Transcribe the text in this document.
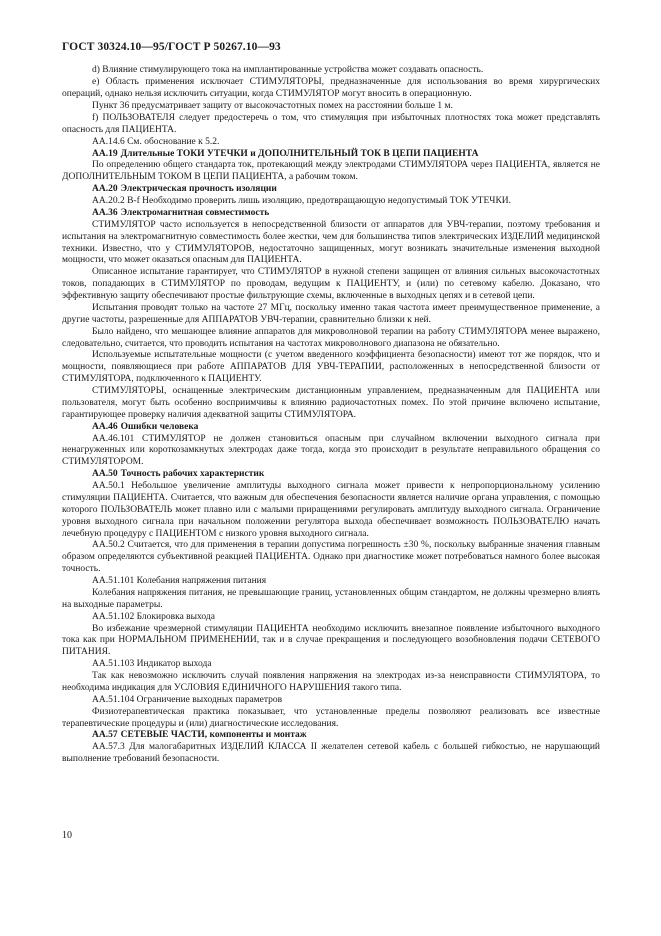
ГОСТ 30324.10—95/ГОСТ Р 50267.10—93
d) Влияние стимулирующего тока на имплантированные устройства может создавать опасность.
e) Область применения исключает СТИМУЛЯТОРЫ, предназначенные для использования во время хирургических операций, однако нельзя исключить ситуации, когда СТИМУЛЯТОР могут вносить в операционную.
Пункт 36 предусматривает защиту от высокочастотных помех на расстоянии больше 1 м.
f) ПОЛЬЗОВАТЕЛЯ следует предостеречь о том, что стимуляция при избыточных плотностях тока может представлять опасность для ПАЦИЕНТА.
АА.14.6 См. обоснование к 5.2.
АА.19 Длительные ТОКИ УТЕЧКИ и ДОПОЛНИТЕЛЬНЫЙ ТОК В ЦЕПИ ПАЦИЕНТА
По определению общего стандарта ток, протекающий между электродами СТИМУЛЯТОРА через ПАЦИЕНТА, является не ДОПОЛНИТЕЛЬНЫМ ТОКОМ В ЦЕПИ ПАЦИЕНТА, а рабочим током.
АА.20 Электрическая прочность изоляции
АА.20.2 B-f Необходимо проверить лишь изоляцию, предотвращающую недопустимый ТОК УТЕЧКИ.
АА.36 Электромагнитная совместимость
СТИМУЛЯТОР часто используется в непосредственной близости от аппаратов для УВЧ-терапии, поэтому требования и испытания на электромагнитную совместимость более жестки, чем для большинства типов электрических ИЗДЕЛИЙ медицинской техники. Известно, что у СТИМУЛЯТОРОВ, недостаточно защищенных, могут возникать значительные изменения выходной мощности, что может оказаться опасным для ПАЦИЕНТА.
Описанное испытание гарантирует, что СТИМУЛЯТОР в нужной степени защищен от влияния сильных высокочастотных токов, попадающих в СТИМУЛЯТОР по проводам, ведущим к ПАЦИЕНТУ, и (или) по сетевому кабелю. Доказано, что эффективную защиту обеспечивают простые фильтрующие схемы, включенные в выходных цепях и в сетевой цепи.
Испытания проводят только на частоте 27 МГц, поскольку именно такая частота имеет преимущественное применение, а другие частоты, разрешенные для АППАРАТОВ УВЧ-терапии, сравнительно близки к ней.
Было найдено, что мешающее влияние аппаратов для микроволновой терапии на работу СТИМУЛЯТОРА менее выражено, следовательно, считается, что проводить испытания на частотах микроволнового диапазона не обязательно.
Используемые испытательные мощности (с учетом введенного коэффициента безопасности) имеют тот же порядок, что и мощности, появляющиеся при работе АППАРАТОВ ДЛЯ УВЧ-ТЕРАПИИ, расположенных в непосредственной близости от СТИМУЛЯТОРА, подключенного к ПАЦИЕНТУ.
СТИМУЛЯТОРЫ, оснащенные электрическим дистанционным управлением, предназначенным для ПАЦИЕНТА или пользователя, могут быть особенно восприимчивы к влиянию радиочастотных помех. По этой причине включено испытание, гарантирующее проверку наличия адекватной защиты СТИМУЛЯТОРА.
АА.46 Ошибки человека
АА.46.101 СТИМУЛЯТОР не должен становиться опасным при случайном включении выходного сигнала при ненагруженных или короткозамкнутых электродах даже тогда, когда это происходит в результате неправильного обращения со СТИМУЛЯТОРОМ.
АА.50 Точность рабочих характеристик
АА.50.1 Небольшое увеличение амплитуды выходного сигнала может привести к непропорциональному усилению стимуляции ПАЦИЕНТА. Считается, что важным для обеспечения безопасности является наличие органа управления, с помощью которого ПОЛЬЗОВАТЕЛЬ может плавно или с малыми приращениями регулировать амплитуду выходного сигнала. Ограничение уровня выходного сигнала при начальном положении регулятора выхода обеспечивает возможность ПОЛЬЗОВАТЕЛЮ начать лечебную процедуру с ПАЦИЕНТОМ с низкого уровня выходного сигнала.
АА.50.2 Считается, что для применения в терапии допустима погрешность ±30 %, поскольку выбранные значения главным образом определяются субъективной реакцией ПАЦИЕНТА. Однако при диагностике может потребоваться намного более высокая точность.
АА.51.101 Колебания напряжения питания
Колебания напряжения питания, не превышающие границ, установленных общим стандартом, не должны чрезмерно влиять на выходные параметры.
АА.51.102 Блокировка выхода
Во избежание чрезмерной стимуляции ПАЦИЕНТА необходимо исключить внезапное появление избыточного выходного тока как при НОРМАЛЬНОМ ПРИМЕНЕНИИ, так и в случае прекращения и последующего возобновления подачи СЕТЕВОГО ПИТАНИЯ.
АА.51.103 Индикатор выхода
Так как невозможно исключить случай появления напряжения на электродах из-за неисправности СТИМУЛЯТОРА, то необходима индикация для УСЛОВИЯ ЕДИНИЧНОГО НАРУШЕНИЯ такого типа.
АА.51.104 Ограничение выходных параметров
Физиотерапевтическая практика показывает, что установленные пределы позволяют реализовать все известные терапевтические процедуры и (или) диагностические исследования.
АА.57 СЕТЕВЫЕ ЧАСТИ, компоненты и монтаж
АА.57.3 Для малогабаритных ИЗДЕЛИЙ КЛАССА II желателен сетевой кабель с большей гибкостью, не нарушающий выполнение требований безопасности.
10
